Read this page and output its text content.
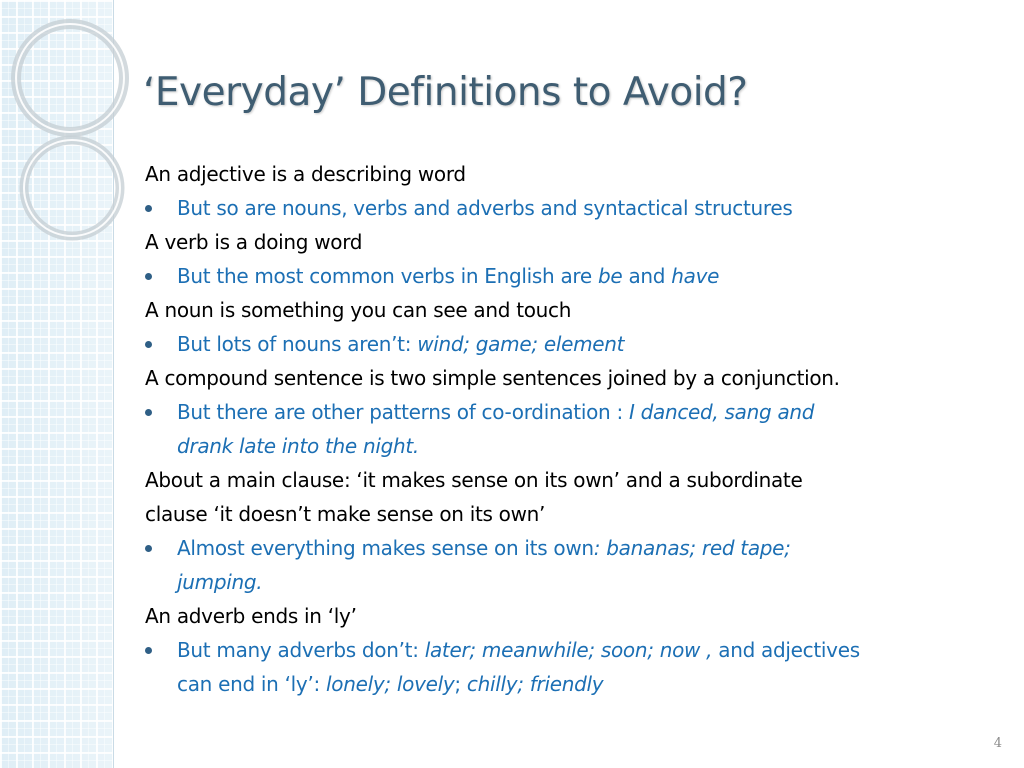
‘Everyday’ Definitions to Avoid?
An adjective is a describing word
But so are nouns, verbs and adverbs and syntactical structures
A verb is a doing word
But the most common verbs in English are be and have
A noun is something you can see and touch
But lots of nouns aren’t: wind; game; element
A compound sentence is two simple sentences joined by a conjunction.
But there are other patterns of co-ordination : I danced, sang and
drank late into the night.
About a main clause: ‘it makes sense on its own’ and a subordinate
clause ‘it doesn’t make sense on its own’
Almost everything makes sense on its own: bananas; red tape;
jumping.
An adverb ends in ‘ly’
But many adverbs don’t: later; meanwhile; soon; now , and adjectives
can end in ‘ly’: lonely; lovely; chilly; friendly
4
